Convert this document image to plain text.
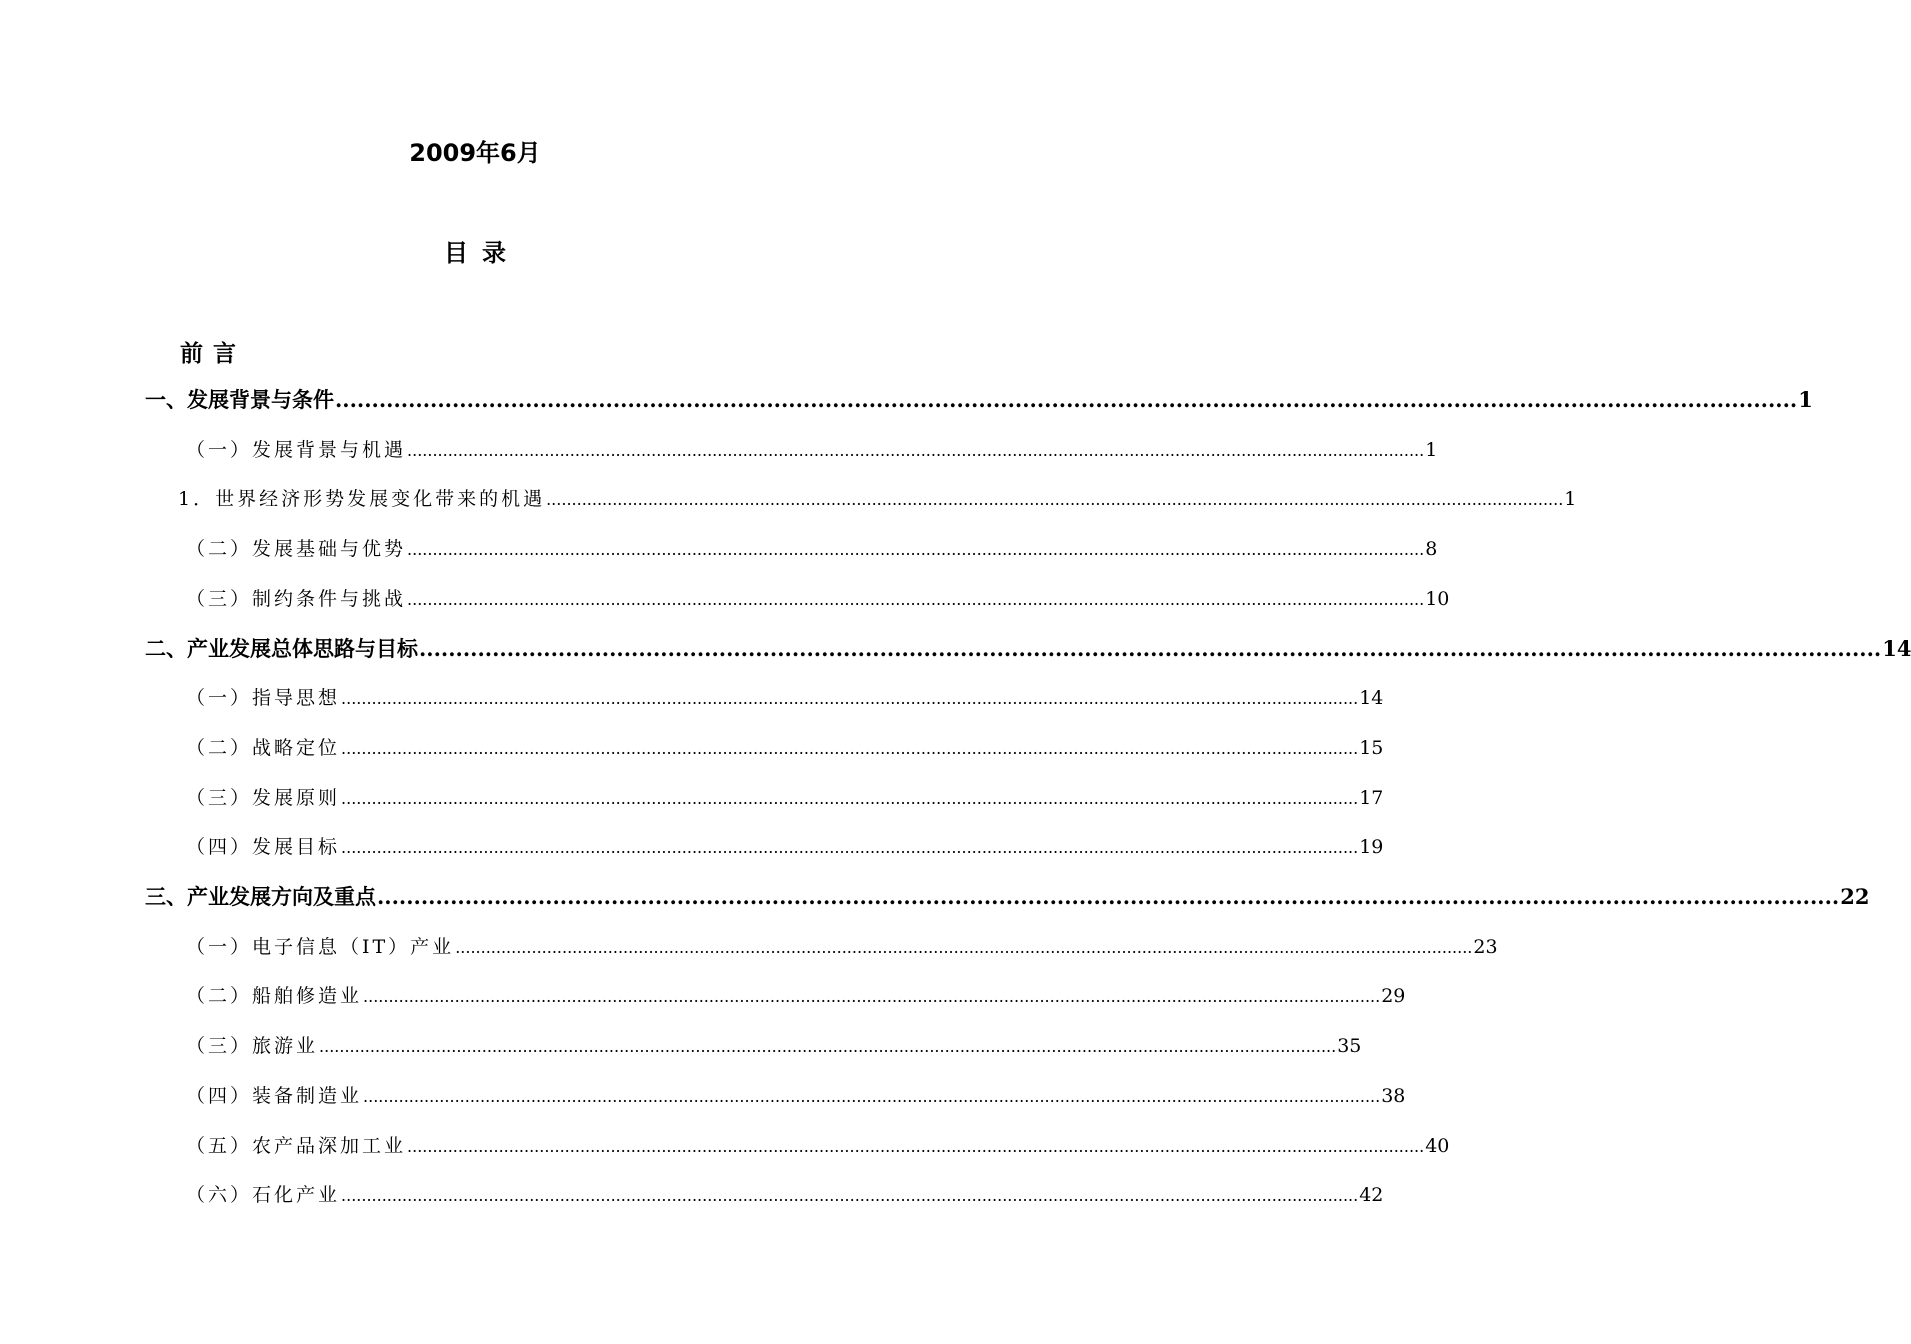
2009年6月
目录
前言
一、发展背景与条件 ........................................................................................................................................................................................................ 1
（一）发展背景与机遇 ........................................................................................................................................................................................................ 1
1．世界经济形势发展变化带来的机遇 ........................................................................................................................................................................................................ 1
（二）发展基础与优势 ........................................................................................................................................................................................................ 8
（三）制约条件与挑战 ........................................................................................................................................................................................................ 10
二、产业发展总体思路与目标 ........................................................................................................................................................................................................ 14
（一）指导思想 ........................................................................................................................................................................................................ 14
（二）战略定位 ........................................................................................................................................................................................................ 15
（三）发展原则 ........................................................................................................................................................................................................ 17
（四）发展目标 ........................................................................................................................................................................................................ 19
三、产业发展方向及重点 ........................................................................................................................................................................................................ 22
（一）电子信息（IT）产业 ........................................................................................................................................................................................................ 23
（二）船舶修造业 ........................................................................................................................................................................................................ 29
（三）旅游业 ........................................................................................................................................................................................................ 35
（四）装备制造业 ........................................................................................................................................................................................................ 38
（五）农产品深加工业 ........................................................................................................................................................................................................ 40
（六）石化产业 ........................................................................................................................................................................................................ 42
